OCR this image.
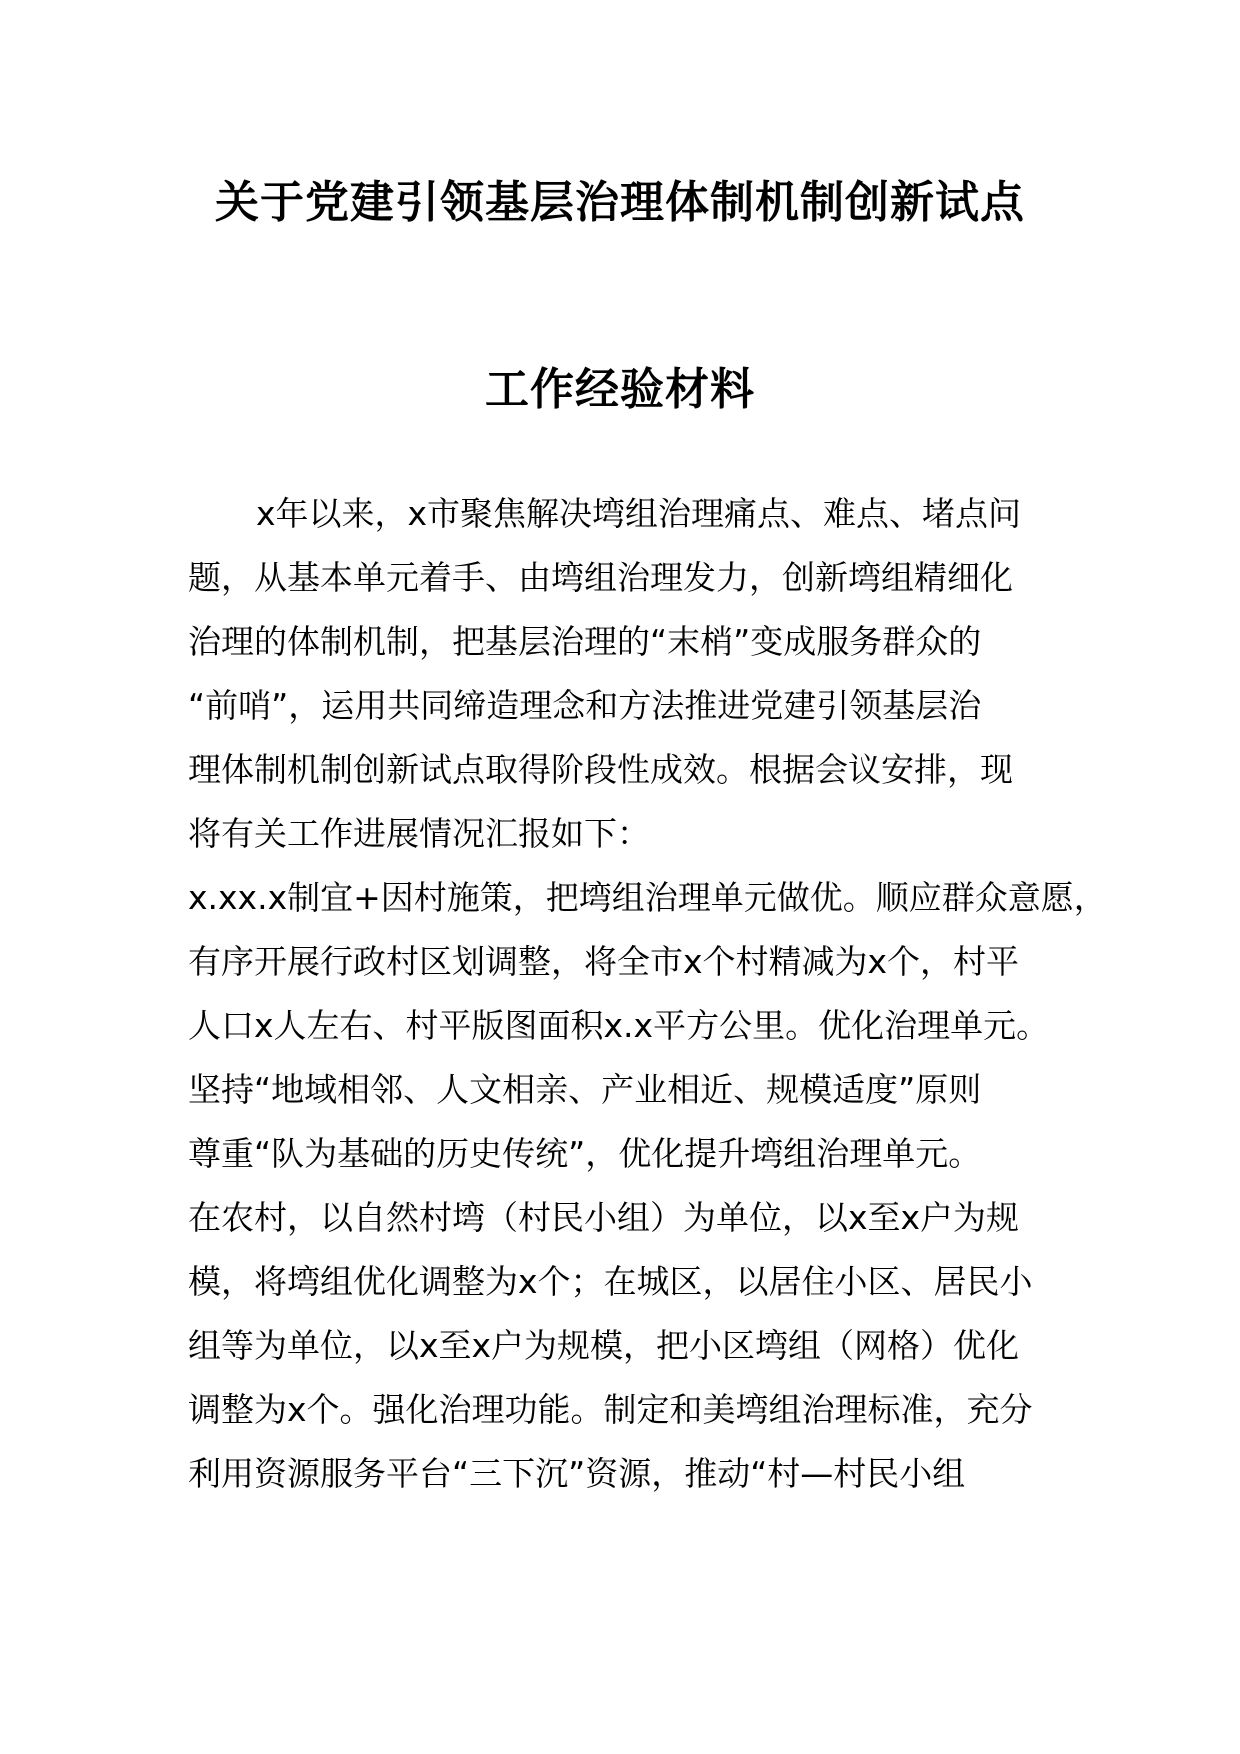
关于党建引领基层治理体制机制创新试点
工作经验材料
x年以来，x市聚焦解决塆组治理痛点、难点、堵点问
题，从基本单元着手、由塆组治理发力，创新塆组精细化
治理的体制机制，把基层治理的“末梢”变成服务群众的
“前哨”，运用共同缔造理念和方法推进党建引领基层治
理体制机制创新试点取得阶段性成效。根据会议安排，现
将有关工作进展情况汇报如下：
x.xx.x制宜+因村施策，把塆组治理单元做优。顺应群众意愿，
有序开展行政村区划调整，将全市x个村精减为x个，村平
人口x人左右、村平版图面积x.x平方公里。优化治理单元。
坚持“地域相邻、人文相亲、产业相近、规模适度”原则
尊重“队为基础的历史传统”，优化提升塆组治理单元。
在农村，以自然村塆（村民小组）为单位，以x至x户为规
模，将塆组优化调整为x个；在城区，以居住小区、居民小
组等为单位，以x至x户为规模，把小区塆组（网格）优化
调整为x个。强化治理功能。制定和美塆组治理标准，充分
利用资源服务平台“三下沉”资源，推动“村—村民小组
